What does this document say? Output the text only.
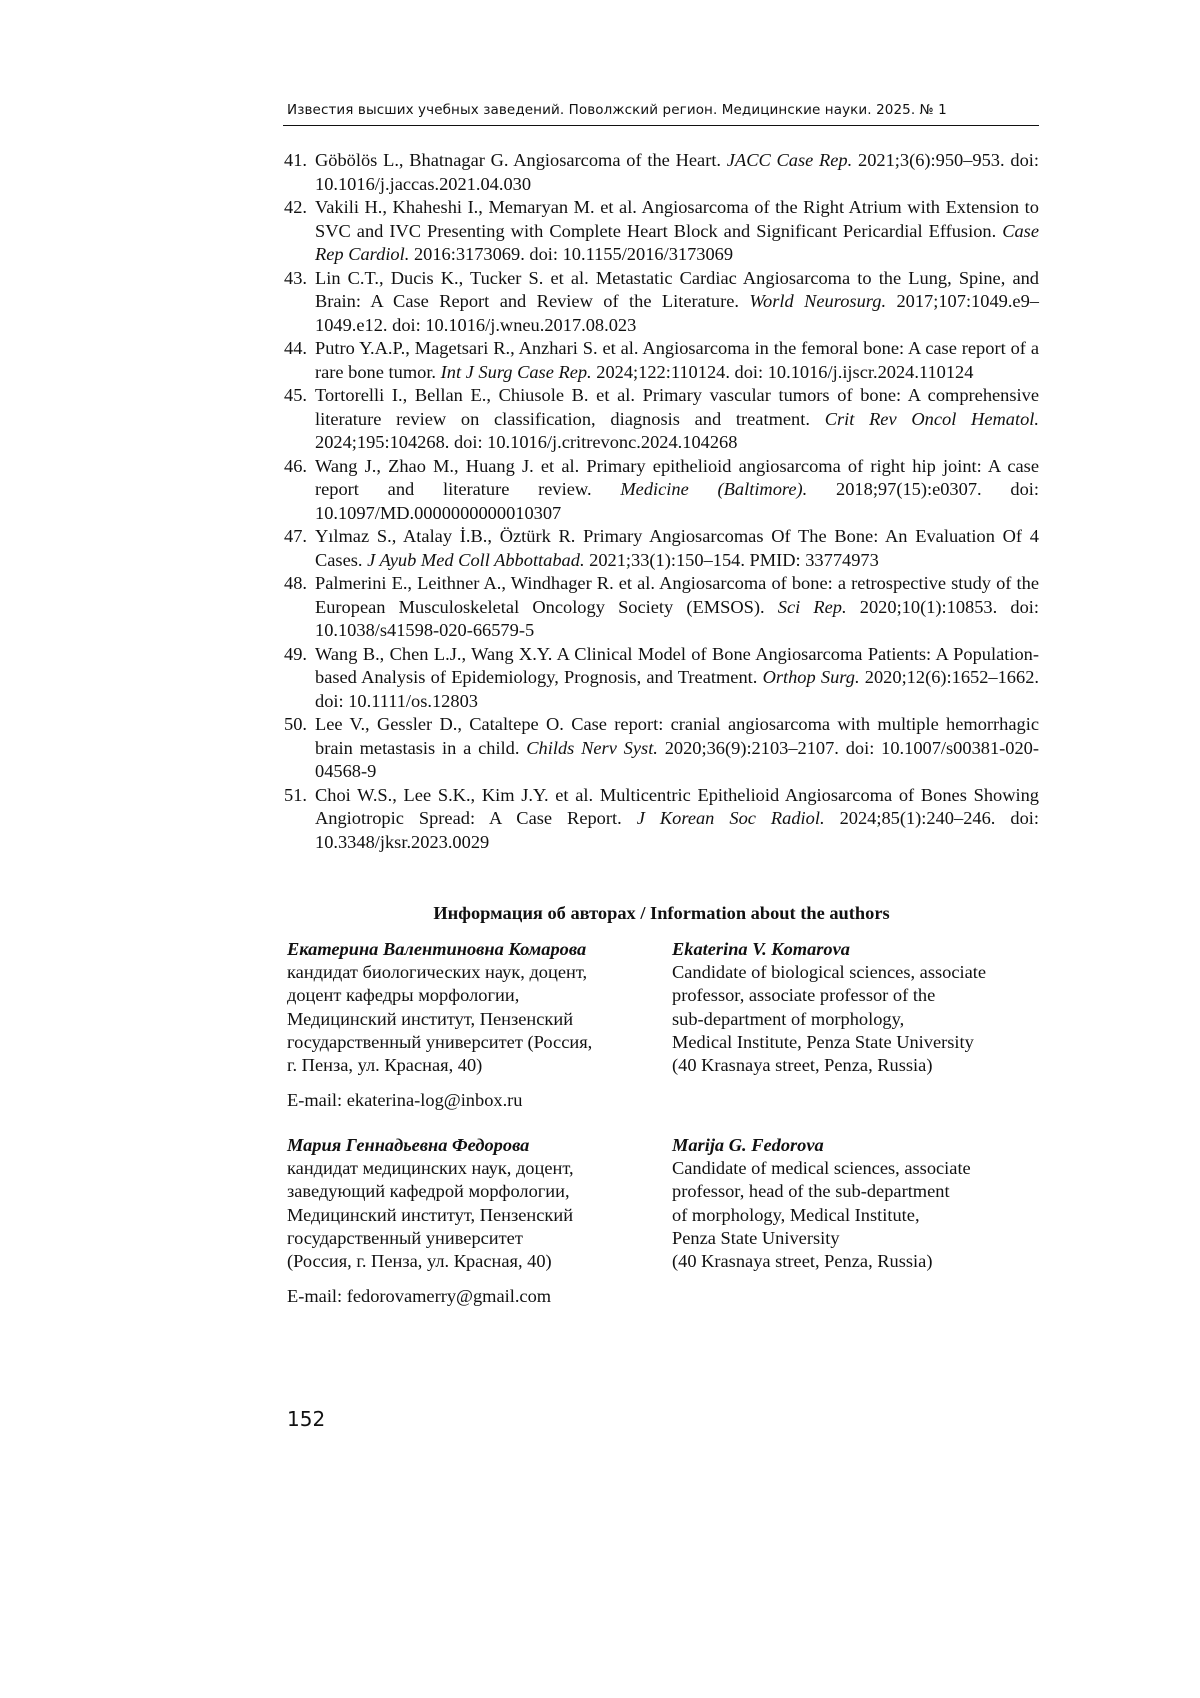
Известия высших учебных заведений. Поволжский регион. Медицинские науки. 2025. № 1
41. Göbölös L., Bhatnagar G. Angiosarcoma of the Heart. JACC Case Rep. 2021;3(6):950–953. doi: 10.1016/j.jaccas.2021.04.030
42. Vakili H., Khaheshi I., Memaryan M. et al. Angiosarcoma of the Right Atrium with Extension to SVC and IVC Presenting with Complete Heart Block and Significant Pericardial Effusion. Case Rep Cardiol. 2016:3173069. doi: 10.1155/2016/3173069
43. Lin C.T., Ducis K., Tucker S. et al. Metastatic Cardiac Angiosarcoma to the Lung, Spine, and Brain: A Case Report and Review of the Literature. World Neurosurg. 2017;107:1049.e9–1049.e12. doi: 10.1016/j.wneu.2017.08.023
44. Putro Y.A.P., Magetsari R., Anzhari S. et al. Angiosarcoma in the femoral bone: A case report of a rare bone tumor. Int J Surg Case Rep. 2024;122:110124. doi: 10.1016/j.ijscr.2024.110124
45. Tortorelli I., Bellan E., Chiusole B. et al. Primary vascular tumors of bone: A comprehensive literature review on classification, diagnosis and treatment. Crit Rev Oncol Hematol. 2024;195:104268. doi: 10.1016/j.critrevonc.2024.104268
46. Wang J., Zhao M., Huang J. et al. Primary epithelioid angiosarcoma of right hip joint: A case report and literature review. Medicine (Baltimore). 2018;97(15):e0307. doi: 10.1097/MD.0000000000010307
47. Yılmaz S., Atalay İ.B., Öztürk R. Primary Angiosarcomas Of The Bone: An Evaluation Of 4 Cases. J Ayub Med Coll Abbottabad. 2021;33(1):150–154. PMID: 33774973
48. Palmerini E., Leithner A., Windhager R. et al. Angiosarcoma of bone: a retrospective study of the European Musculoskeletal Oncology Society (EMSOS). Sci Rep. 2020;10(1):10853. doi: 10.1038/s41598-020-66579-5
49. Wang B., Chen L.J., Wang X.Y. A Clinical Model of Bone Angiosarcoma Patients: A Population-based Analysis of Epidemiology, Prognosis, and Treatment. Orthop Surg. 2020;12(6):1652–1662. doi: 10.1111/os.12803
50. Lee V., Gessler D., Cataltepe O. Case report: cranial angiosarcoma with multiple hemorrhagic brain metastasis in a child. Childs Nerv Syst. 2020;36(9):2103–2107. doi: 10.1007/s00381-020-04568-9
51. Choi W.S., Lee S.K., Kim J.Y. et al. Multicentric Epithelioid Angiosarcoma of Bones Showing Angiotropic Spread: A Case Report. J Korean Soc Radiol. 2024;85(1):240–246. doi: 10.3348/jksr.2023.0029
Информация об авторах / Information about the authors
Екатерина Валентиновна Комарова
кандидат биологических наук, доцент,
доцент кафедры морфологии,
Медицинский институт, Пензенский
государственный университет (Россия,
г. Пенза, ул. Красная, 40)
E-mail: ekaterina-log@inbox.ru
Ekaterina V. Komarova
Candidate of biological sciences, associate
professor, associate professor of the
sub-department of morphology,
Medical Institute, Penza State University
(40 Krasnaya street, Penza, Russia)
Мария Геннадьевна Федорова
кандидат медицинских наук, доцент,
заведующий кафедрой морфологии,
Медицинский институт, Пензенский
государственный университет
(Россия, г. Пенза, ул. Красная, 40)
E-mail: fedorovamerry@gmail.com
Marija G. Fedorova
Candidate of medical sciences, associate
professor, head of the sub-department
of morphology, Medical Institute,
Penza State University
(40 Krasnaya street, Penza, Russia)
152
